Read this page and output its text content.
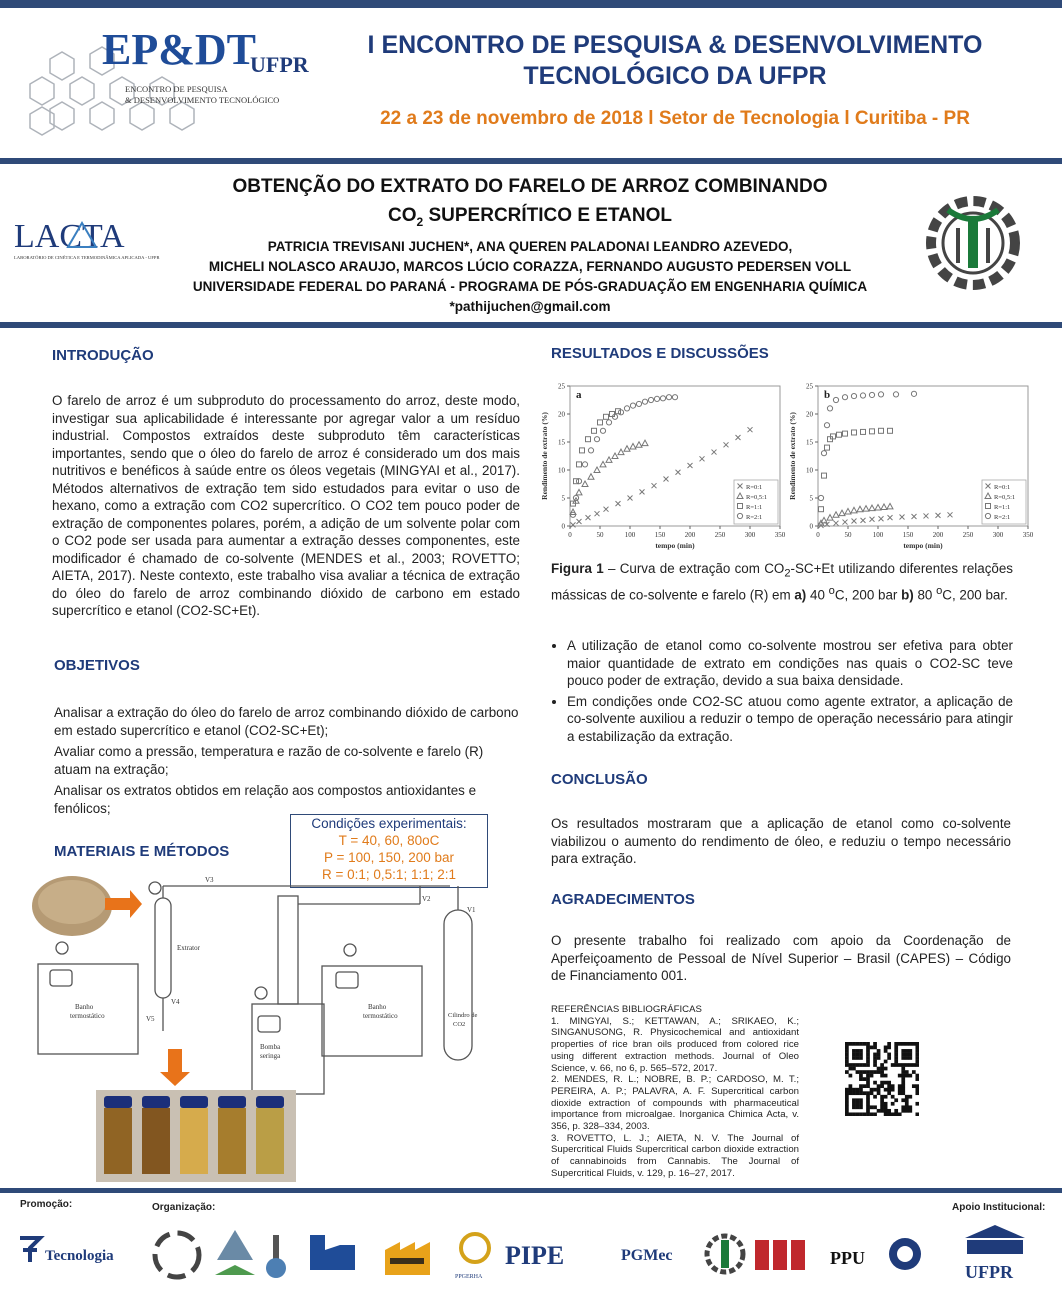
EP&DT
UFPR
ENCONTRO DE PESQUISA
& DESENVOLVIMENTO TECNOLÓGICO
I ENCONTRO DE PESQUISA & DESENVOLVIMENTO TECNOLÓGICO DA UFPR
22 a 23 de novembro de 2018 l Setor de Tecnologia l Curitiba - PR
OBTENÇÃO DO EXTRATO DO FARELO DE ARROZ COMBINANDO
$CO_2$ SUPERCRÍTICO E ETANOL
LACTA
LABORATÓRIO DE CINÉTICA E TERMODINÂMICA APLICADA - UFPR
PATRICIA TREVISANI JUCHEN*, ANA QUEREN PALADONAI LEANDRO AZEVEDO,
MICHELI NOLASCO ARAUJO, MARCOS LÚCIO CORAZZA, FERNANDO AUGUSTO PEDERSEN VOLL
UNIVERSIDADE FEDERAL DO PARANÁ - PROGRAMA DE PÓS-GRADUAÇÃO EM ENGENHARIA QUÍMICA
*pathijuchen@gmail.com
INTRODUÇÃO
O farelo de arroz é um subproduto do processamento do arroz, deste modo, investigar sua aplicabilidade é interessante por agregar valor a um resíduo industrial. Compostos extraídos deste subproduto têm características importantes, sendo que o óleo do farelo de arroz é considerado um dos mais nutritivos e benéficos à saúde entre os óleos vegetais (MINGYAI et al., 2017). Métodos alternativos de extração tem sido estudados para evitar o uso de hexano, como a extração com CO2 supercrítico. O CO2 tem pouco poder de extração de componentes polares, porém, a adição de um solvente polar com o CO2 pode ser usada para aumentar a extração desses componentes, este modificador é chamado de co-solvente (MENDES et al., 2003; ROVETTO; AIETA, 2017). Neste contexto, este trabalho visa avaliar a técnica de extração do óleo do farelo de arroz combinando dióxido de carbono em estado supercrítico e etanol (CO2-SC+Et).
OBJETIVOS
Analisar a extração do óleo do farelo de arroz combinando dióxido de carbono em estado supercrítico e etanol (CO2-SC+Et);
Avaliar como a pressão, temperatura e razão de co-solvente e farelo (R) atuam na extração;
Analisar os extratos obtidos em relação aos compostos antioxidantes e fenólicos;
MATERIAIS E MÉTODOS
Condições experimentais:
T = 40, 60, 80oC
P = 100, 150, 200 bar
R = 0:1; 0,5:1; 1:1; 2:1
V3
V2
V1
Extrator
V4
V5
Banho
termostático
Banho
termostático
Bomba
seringa
Cilindro de
CO2
RESULTADOS E DISCUSSÕES
0	50	100	150	200	250	300	350
0
5
10
15
20
25
tempo (min)
Rendimento de extrato (%)
a
R=0:1
R=0,5:1
R=1:1
R=2:1
0	50	100	150	200	250	300	350
0
5
10
15
20
25
tempo (min)
Rendimento de extrato (%)
b
R=0:1
R=0,5:1
R=1:1
R=2:1
Figura 1 – Curva de extração com $CO_2-SC+Et$ utilizando diferentes relações mássicas de co-solvente e farelo (R) em a) 40 $^o$C, 200 bar b) 80 $^o$C, 200 bar.
• A utilização de etanol como co-solvente mostrou ser efetiva para obter maior quantidade de extrato em condições nas quais o CO2-SC teve pouco poder de extração, devido a sua baixa densidade.
• Em condições onde CO2-SC atuou como agente extrator, a aplicação de co-solvente auxiliou a reduzir o tempo de operação necessário para atingir a estabilização da extração.
CONCLUSÃO
Os resultados mostraram que a aplicação de etanol como co-solvente viabilizou o aumento do rendimento de óleo, e reduziu o tempo necessário para extração.
AGRADECIMENTOS
O presente trabalho foi realizado com apoio da Coordenação de Aperfeiçoamento de Pessoal de Nível Superior – Brasil (CAPES) – Código de Financiamento 001.
REFERÊNCIAS BIBLIOGRÁFICAS
1. MINGYAI, S.; KETTAWAN, A.; SRIKAEO, K.; SINGANUSONG, R. Physicochemical and antioxidant properties of rice bran oils produced from colored rice using different extraction methods. Journal of Oleo Science, v. 66, no 6, p. 565–572, 2017.
2. MENDES, R. L.; NOBRE, B. P.; CARDOSO, M. T.; PEREIRA, A. P.; PALAVRA, A. F. Supercritical carbon dioxide extraction of compounds with pharmaceutical importance from microalgae. Inorganica Chimica Acta, v. 356, p. 328–334, 2003.
3. ROVETTO, L. J.; AIETA, N. V. The Journal of Supercritical Fluids Supercritical carbon dioxide extraction of cannabinoids from Cannabis. The Journal of Supercritical Fluids, v. 129, p. 16–27, 2017.
Promoção:	Organização:	Apoio Institucional:
Tecnologia
PPGERHA
PIPE	PGMec	PPU
UFPR
